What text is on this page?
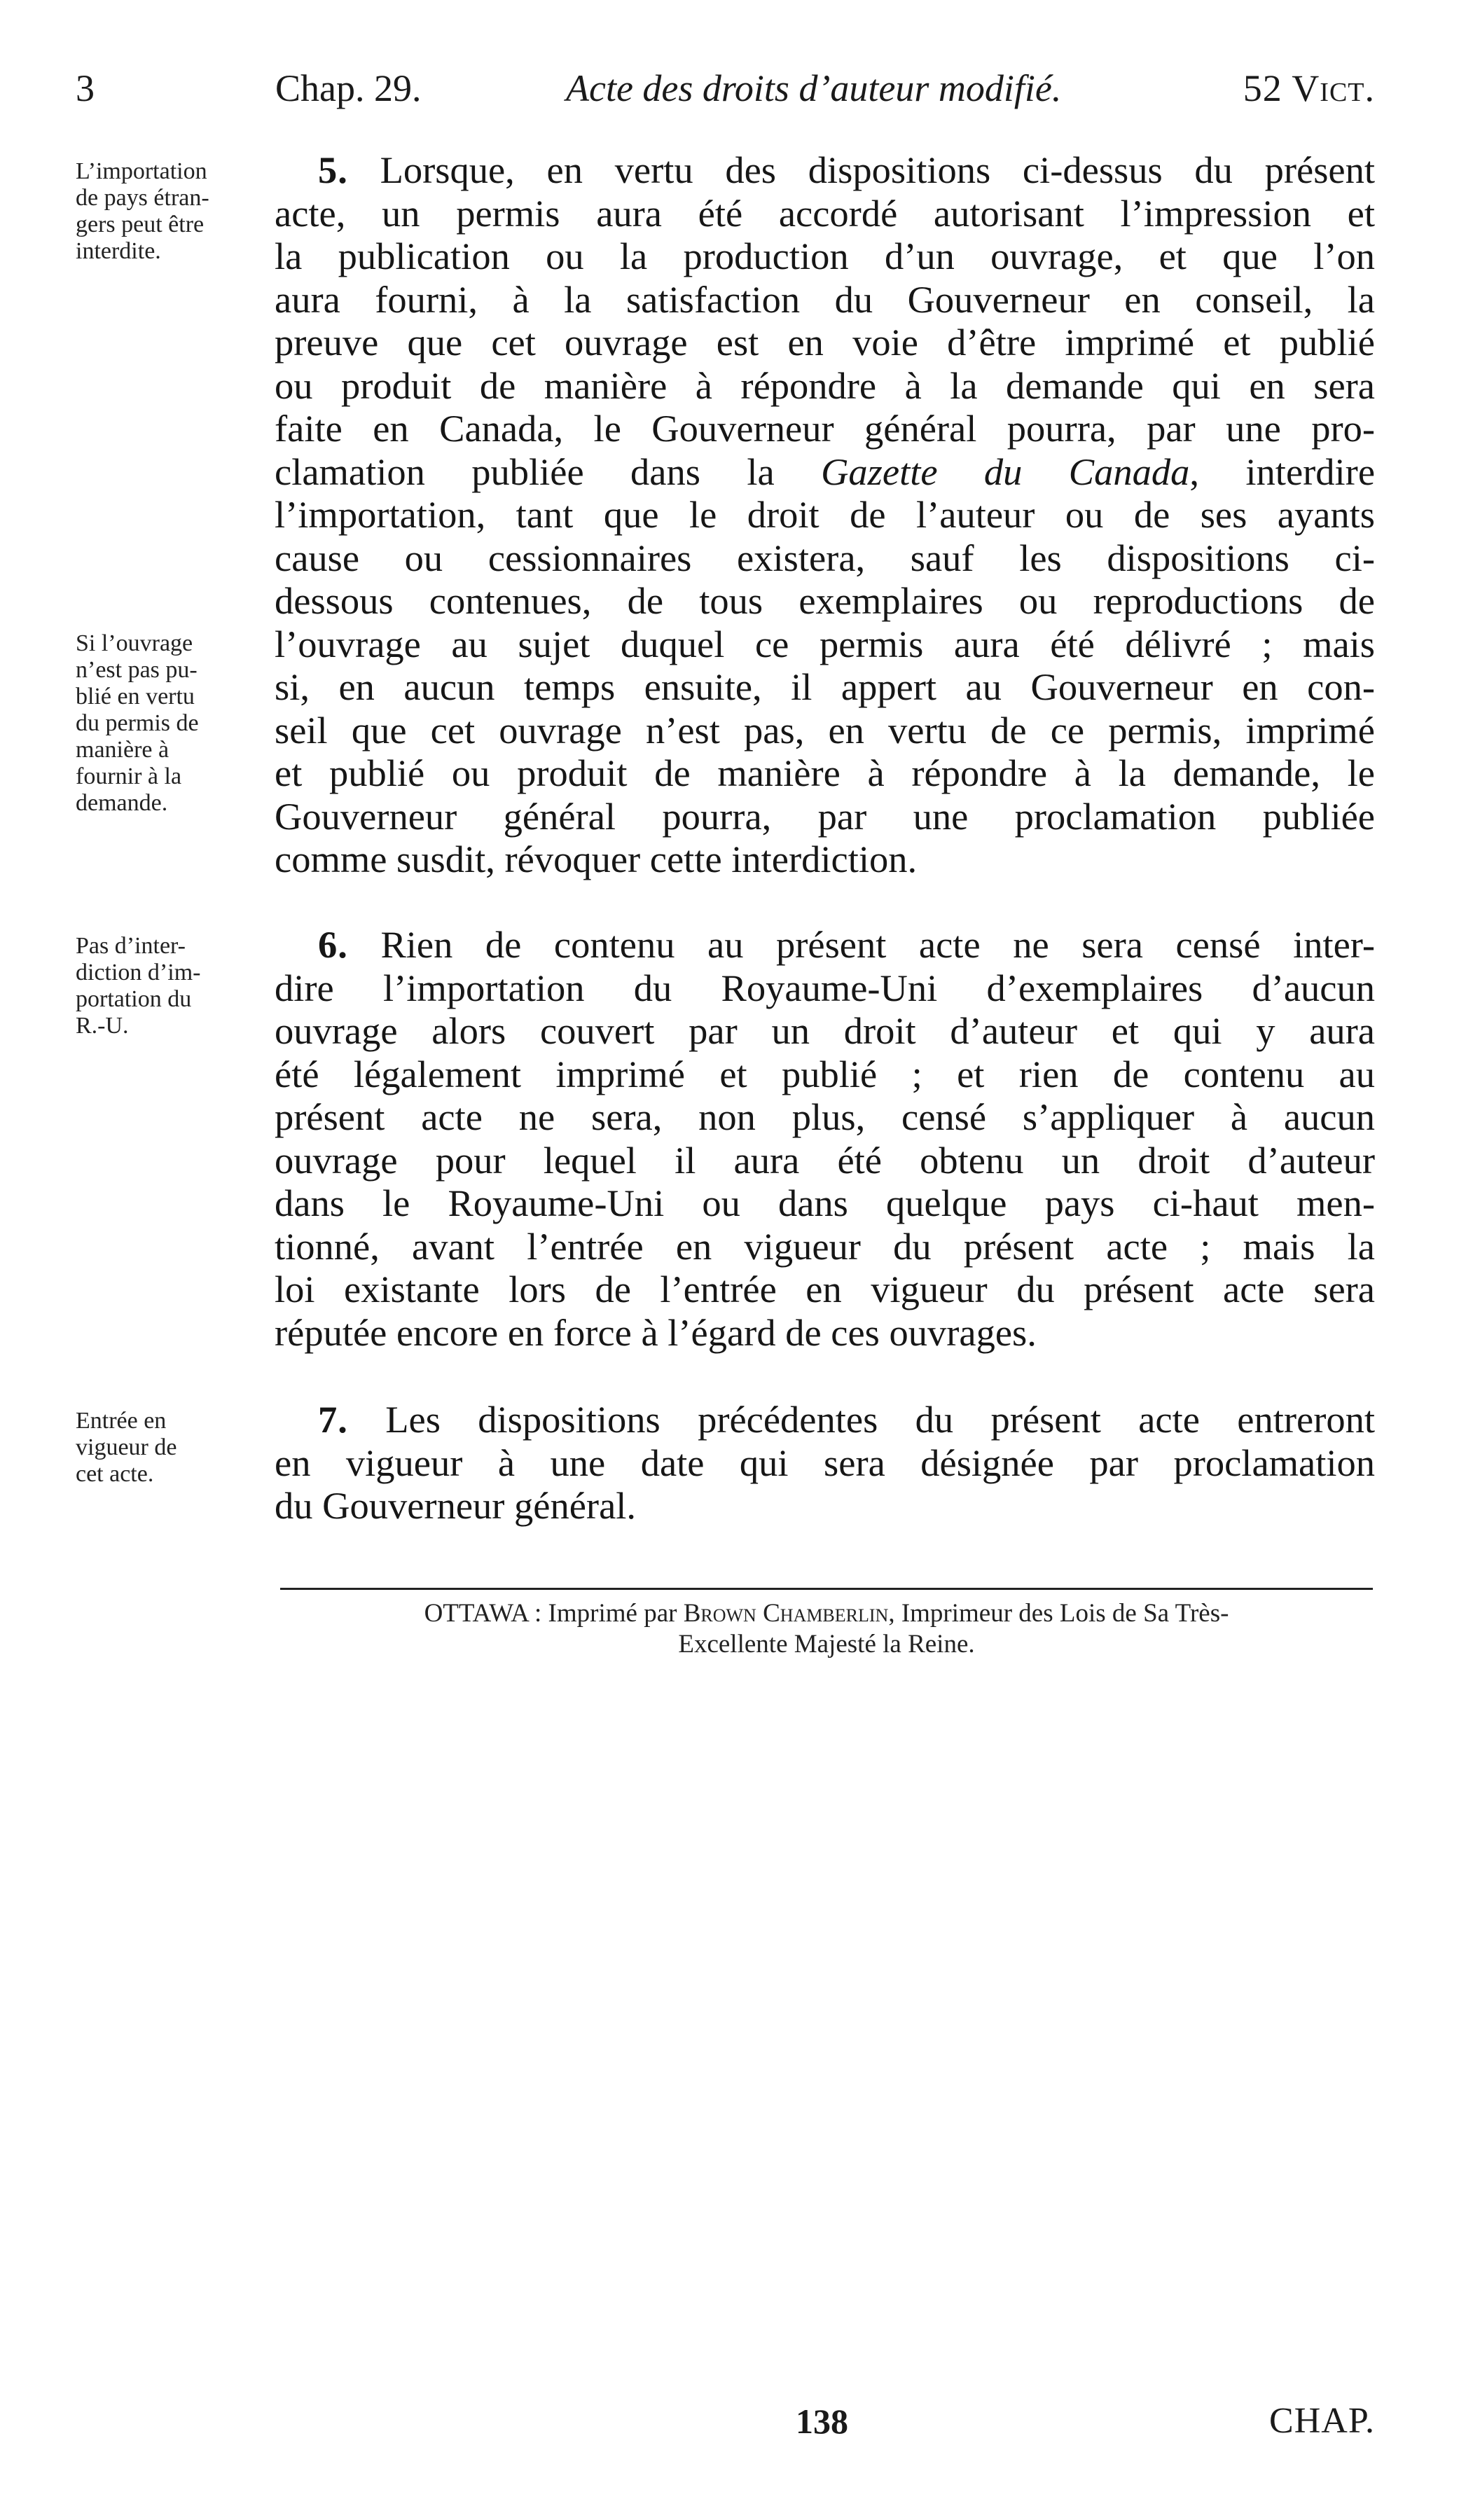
3	Chap. 29.	Acte des droits d’auteur modifié.	52 Vict.
L’importation
de pays étran-
gers peut être
interdite.
Si l’ouvrage
n’est pas pu-
blié en vertu
du permis de
manière à
fournir à la
demande.
5. Lorsque, en vertu des dispositions ci-dessus du présent
acte, un permis aura été accordé autorisant l’impression et
la publication ou la production d’un ouvrage, et que l’on
aura fourni, à la satisfaction du Gouverneur en conseil, la
preuve que cet ouvrage est en voie d’être imprimé et publié
ou produit de manière à répondre à la demande qui en sera
faite en Canada, le Gouverneur général pourra, par une pro-
clamation publiée dans la Gazette du Canada, interdire
l’importation, tant que le droit de l’auteur ou de ses ayants
cause ou cessionnaires existera, sauf les dispositions ci-
dessous contenues, de tous exemplaires ou reproductions de
l’ouvrage au sujet duquel ce permis aura été délivré ; mais
si, en aucun temps ensuite, il appert au Gouverneur en con-
seil que cet ouvrage n’est pas, en vertu de ce permis, imprimé
et publié ou produit de manière à répondre à la demande, le
Gouverneur général pourra, par une proclamation publiée
comme susdit, révoquer cette interdiction.
Pas d’inter-
diction d’im-
portation du
R.-U.
6. Rien de contenu au présent acte ne sera censé inter-
dire l’importation du Royaume-Uni d’exemplaires d’aucun
ouvrage alors couvert par un droit d’auteur et qui y aura
été légalement imprimé et publié ; et rien de contenu au
présent acte ne sera, non plus, censé s’appliquer à aucun
ouvrage pour lequel il aura été obtenu un droit d’auteur
dans le Royaume-Uni ou dans quelque pays ci-haut men-
tionné, avant l’entrée en vigueur du présent acte ; mais la
loi existante lors de l’entrée en vigueur du présent acte sera
réputée encore en force à l’égard de ces ouvrages.
Entrée en
vigueur de
cet acte.
7. Les dispositions précédentes du présent acte entreront
en vigueur à une date qui sera désignée par proclamation
du Gouverneur général.
OTTAWA : Imprimé par Brown Chamberlin, Imprimeur des Lois de Sa Très-
Excellente Majesté la Reine.
138	CHAP.
